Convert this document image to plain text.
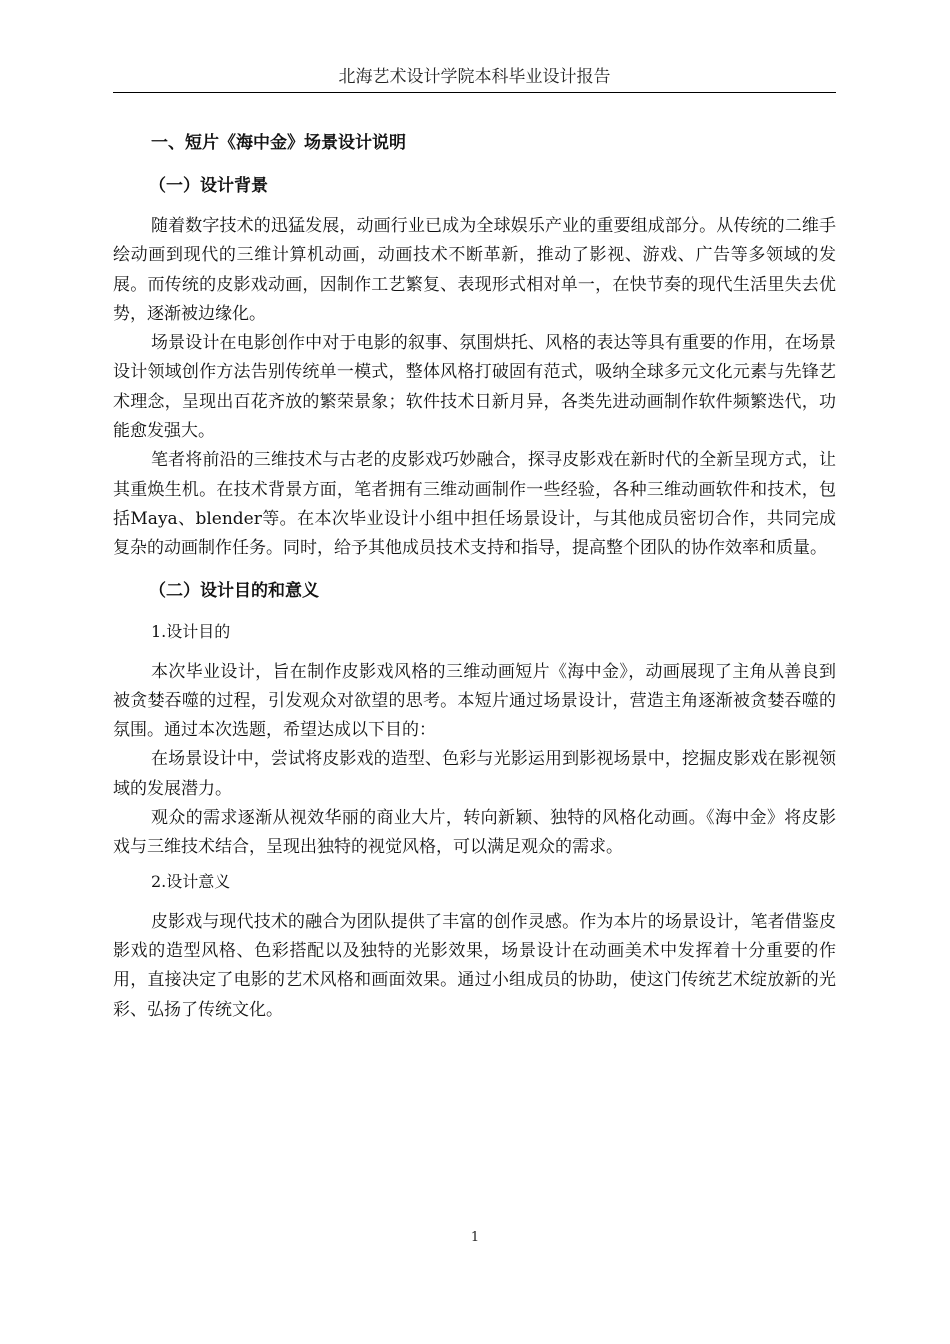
北海艺术设计学院本科毕业设计报告
一、短片《海中金》场景设计说明
（一）设计背景

随着数字技术的迅猛发展，动画行业已成为全球娱乐产业的重要组成部分。从传统的二维手绘动画到现代的三维计算机动画，动画技术不断革新，推动了影视、游戏、广告等多领域的发展。而传统的皮影戏动画，因制作工艺繁复、表现形式相对单一，在快节奏的现代生活里失去优势，逐渐被边缘化。

场景设计在电影创作中对于电影的叙事、氛围烘托、风格的表达等具有重要的作用，在场景设计领域创作方法告别传统单一模式，整体风格打破固有范式，吸纳全球多元文化元素与先锋艺术理念，呈现出百花齐放的繁荣景象；软件技术日新月异，各类先进动画制作软件频繁迭代，功能愈发强大。

笔者将前沿的三维技术与古老的皮影戏巧妙融合，探寻皮影戏在新时代的全新呈现方式，让其重焕生机。在技术背景方面，笔者拥有三维动画制作一些经验，各种三维动画软件和技术，包括Maya、blender等。在本次毕业设计小组中担任场景设计，与其他成员密切合作，共同完成复杂的动画制作任务。同时，给予其他成员技术支持和指导，提高整个团队的协作效率和质量。

（二）设计目的和意义
1.设计目的

本次毕业设计，旨在制作皮影戏风格的三维动画短片《海中金》，动画展现了主角从善良到被贪婪吞噬的过程，引发观众对欲望的思考。本短片通过场景设计，营造主角逐渐被贪婪吞噬的氛围。通过本次选题，希望达成以下目的：

在场景设计中，尝试将皮影戏的造型、色彩与光影运用到影视场景中，挖掘皮影戏在影视领域的发展潜力。

观众的需求逐渐从视效华丽的商业大片，转向新颖、独特的风格化动画。《海中金》将皮影戏与三维技术结合，呈现出独特的视觉风格，可以满足观众的需求。

2.设计意义

皮影戏与现代技术的融合为团队提供了丰富的创作灵感。作为本片的场景设计，笔者借鉴皮影戏的造型风格、色彩搭配以及独特的光影效果，场景设计在动画美术中发挥着十分重要的作用，直接决定了电影的艺术风格和画面效果。通过小组成员的协助，使这门传统艺术绽放新的光彩、弘扬了传统文化。

1
